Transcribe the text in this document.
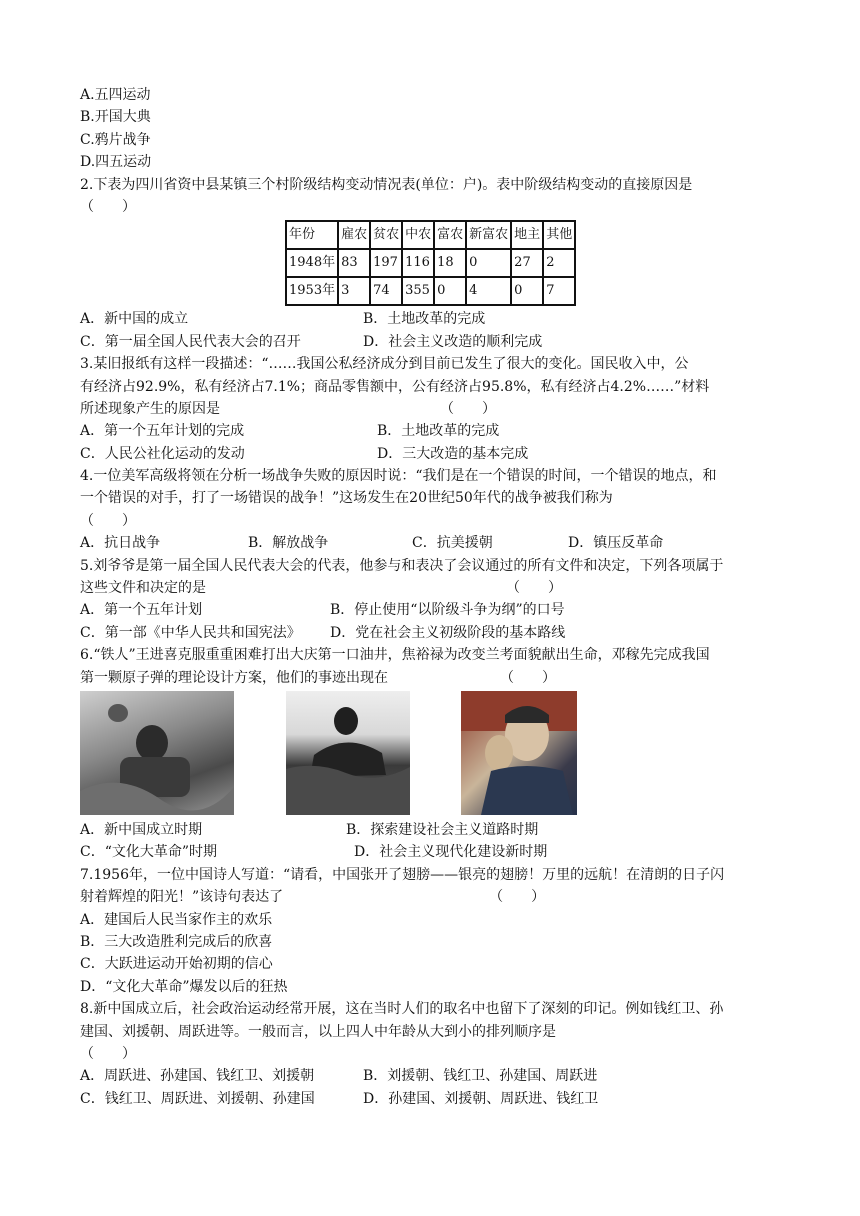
A.五四运动
B.开国大典
C.鸦片战争
D.四五运动
2.下表为四川省资中县某镇三个村阶级结构变动情况表(单位：户)。表中阶级结构变动的直接原因是
（　　）
年份	雇农	贫农	中农	富农	新富农	地主	其他
1948年	83	197	116	18	0	27	2
1953年	3	74	355	0	4	0	7
A．新中国的成立	B．土地改革的完成
C．第一届全国人民代表大会的召开	D．社会主义改造的顺利完成
3.某旧报纸有这样一段描述：“……我国公私经济成分到目前已发生了很大的变化。国民收入中，公
有经济占92.9%，私有经济占7.1%；商品零售额中，公有经济占95.8%，私有经济占4.2%……”材料
所述现象产生的原因是	（　　）
A．第一个五年计划的完成	B．土地改革的完成
C．人民公社化运动的发动	D．三大改造的基本完成
4.一位美军高级将领在分析一场战争失败的原因时说：“我们是在一个错误的时间，一个错误的地点，和
一个错误的对手，打了一场错误的战争！”这场发生在20世纪50年代的战争被我们称为
（　　）
A．抗日战争	B．解放战争	C．抗美援朝	D．镇压反革命
5.刘爷爷是第一届全国人民代表大会的代表，他参与和表决了会议通过的所有文件和决定，下列各项属于
这些文件和决定的是	（　　）
A．第一个五年计划	B．停止使用“以阶级斗争为纲”的口号
C．第一部《中华人民共和国宪法》	D．党在社会主义初级阶段的基本路线
6.“铁人”王进喜克服重重困难打出大庆第一口油井，焦裕禄为改变兰考面貌献出生命，邓稼先完成我国
第一颗原子弹的理论设计方案，他们的事迹出现在	（　　）
A．新中国成立时期	B．探索建设社会主义道路时期
C．“文化大革命”时期	D．社会主义现代化建设新时期
7.1956年，一位中国诗人写道：“请看，中国张开了翅膀——银亮的翅膀！万里的远航！在清朗的日子闪
射着辉煌的阳光！”该诗句表达了	（　　）
A．建国后人民当家作主的欢乐
B．三大改造胜利完成后的欣喜
C．大跃进运动开始初期的信心
D．“文化大革命”爆发以后的狂热
8.新中国成立后，社会政治运动经常开展，这在当时人们的取名中也留下了深刻的印记。例如钱红卫、孙
建国、刘援朝、周跃进等。一般而言，以上四人中年龄从大到小的排列顺序是
（　　）
A．周跃进、孙建国、钱红卫、刘援朝	B．刘援朝、钱红卫、孙建国、周跃进
C．钱红卫、周跃进、刘援朝、孙建国	D．孙建国、刘援朝、周跃进、钱红卫
